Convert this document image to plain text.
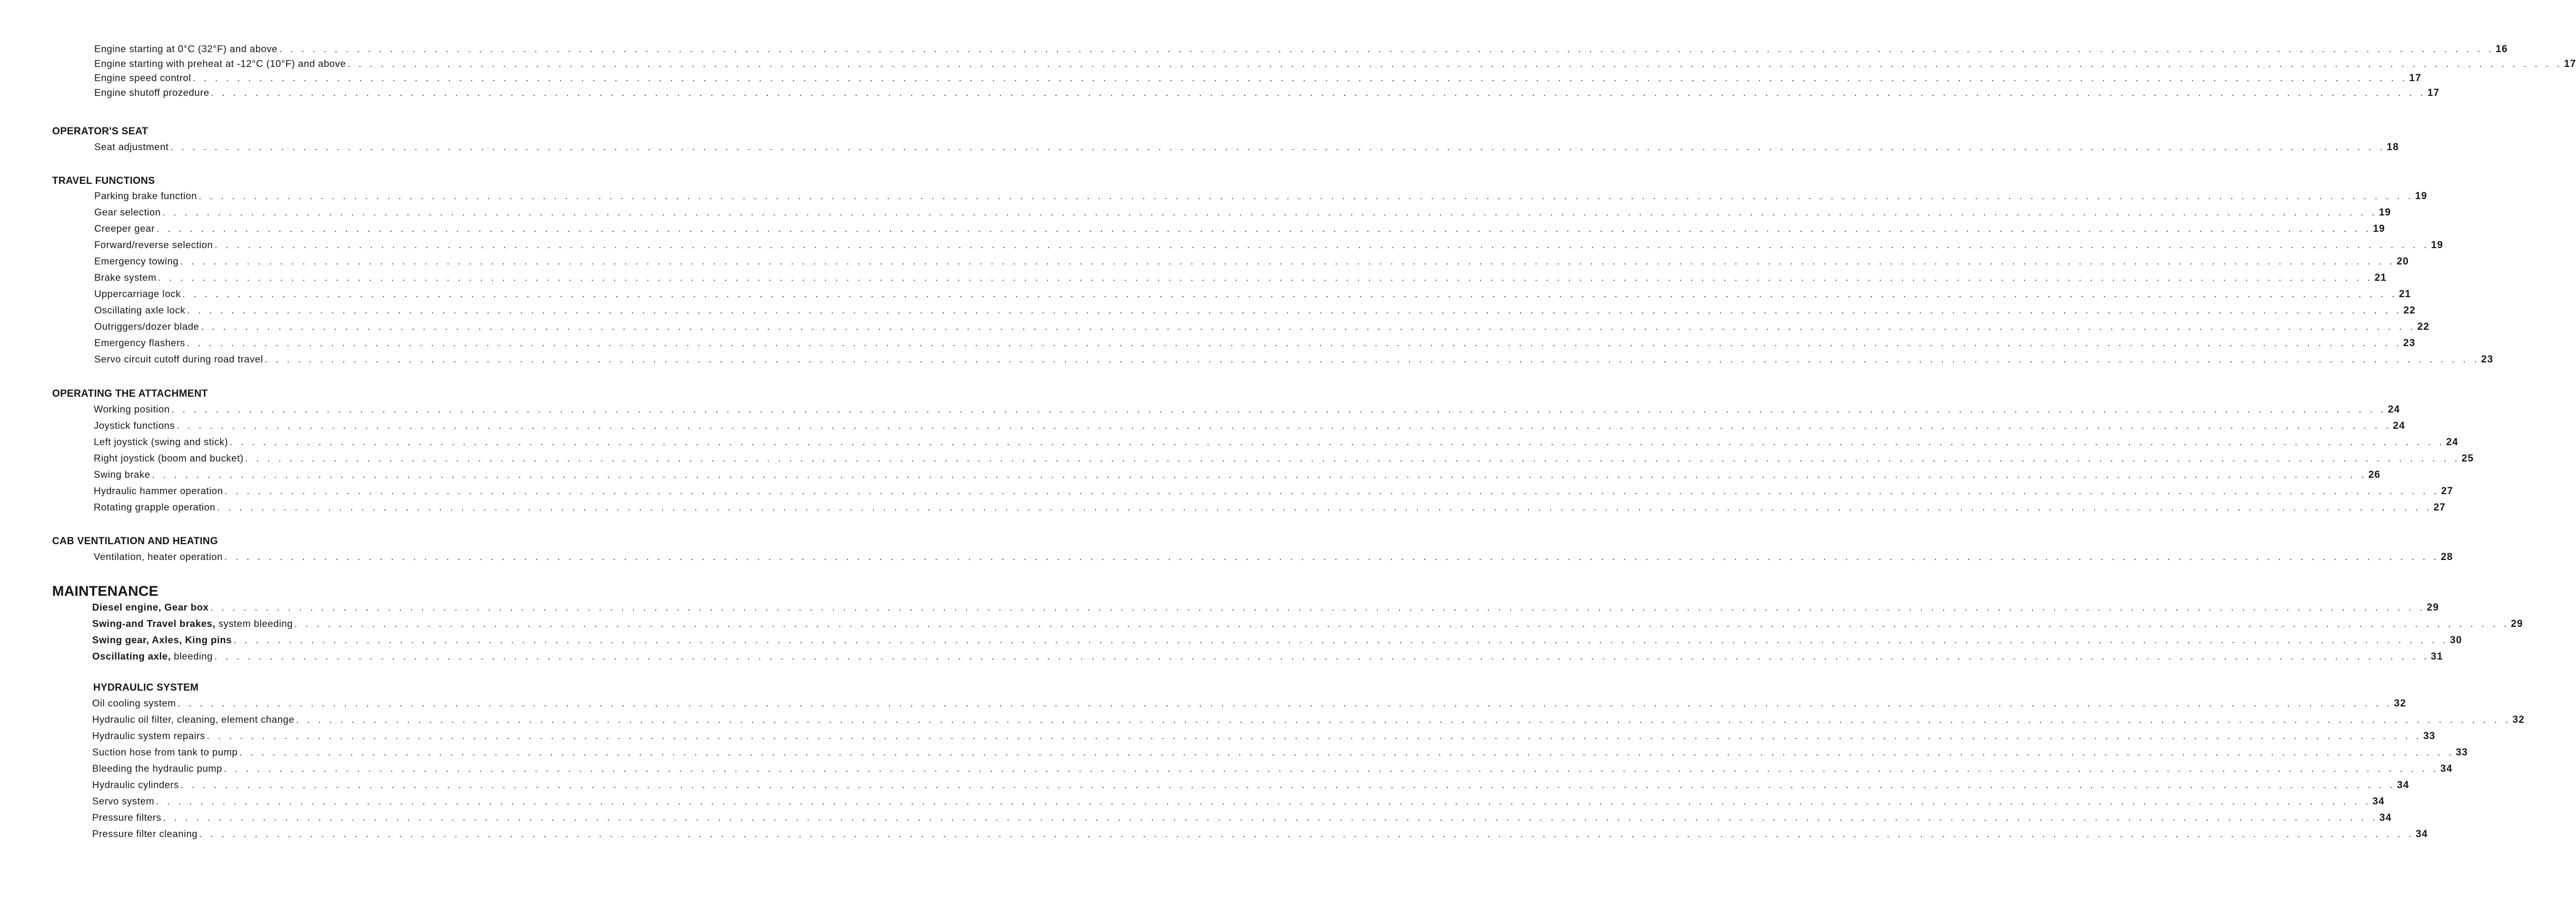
Engine starting at 0°C (32°F) and above . . . . . . . . . . . . . . . . . . . . . . . . . . . . . . . . . . . . . . . . . . . . . . . . . . . . . . . . . . . . . . . . . . . . . . . . . . . . . . . . . . . . . . . . . . . . . . . . . . . . . . . . . . . . . . . . . . . . . . . . . . . . . . . . . . . . . . . . . . . . . . . . . . . . . . . . . . . . . . . . . . . . . . . . . . . . . . . . . . . . . . . . . . . . . . . . . . . . . . . . 16
Engine starting with preheat at -12°C (10°F) and above . . . . . . . . . . . . . . . . . . . . . . . . . . . . . . . . . . . . . . . . . . . . . . . . . . . . . . . . . . . . . . . . . . . . . . . . . . . . . . . . . . . . . . . . . . . . . . . . . . . . . . . . . . . . . . . . . . . . . . . . . . . . . . . . . . . . . . . . . . . . . . . . . . . . . . . . . . . . . . . . . . . . . . . . . . . . . . . . . . . . . . . . . . . . . . . . . . . . . . . . 17
Engine speed control . . . . . . . . . . . . . . . . . . . . . . . . . . . . . . . . . . . . . . . . . . . . . . . . . . . . . . . . . . . . . . . . . . . . . . . . . . . . . . . . . . . . . . . . . . . . . . . . . . . . . . . . . . . . . . . . . . . . . . . . . . . . . . . . . . . . . . . . . . . . . . . . . . . . . . . . . . . . . . . . . . . . . . . . . . . . . . . . . . . . . . . . . . . . . . . . . . . . . . . . 17
Engine shutoff prozedure . . . . . . . . . . . . . . . . . . . . . . . . . . . . . . . . . . . . . . . . . . . . . . . . . . . . . . . . . . . . . . . . . . . . . . . . . . . . . . . . . . . . . . . . . . . . . . . . . . . . . . . . . . . . . . . . . . . . . . . . . . . . . . . . . . . . . . . . . . . . . . . . . . . . . . . . . . . . . . . . . . . . . . . . . . . . . . . . . . . . . . . . . . . . . . . . . . . . . . . . 17
OPERATOR'S SEAT
Seat adjustment . . . . . . . . . . . . . . . . . . . . . . . . . . . . . . . . . . . . . . . . . . . . . . . . . . . . . . . . . . . . . . . . . . . . . . . . . . . . . . . . . . . . . . . . . . . . . . . . . . . . . . . . . . . . . . . . . . . . . . . . . . . . . . . . . . . . . . . . . . . . . . . . . . . . . . . . . . . . . . . . . . . . . . . . . . . . . . . . . . . . . . . . . . . . . . . . . . . . . . . . 18
TRAVEL FUNCTIONS
Parking brake function . . . . . . . . . . . . . . . . . . . . . . . . . . . . . . . . . . . . . . . . . . . . . . . . . . . . . . . . . . . . . . . . . . . . . . . . . . . . . . . . . . . . . . . . . . . . . . . . . . . . . . . . . . . . . . . . . . . . . . . . . . . . . . . . . . . . . . . . . . . . . . . . . . . . . . . . . . . . . . . . . . . . . . . . . . . . . . . . . . . . . . . . . . . . . . . . . . . . . . . . 19
Gear selection . . . . . . . . . . . . . . . . . . . . . . . . . . . . . . . . . . . . . . . . . . . . . . . . . . . . . . . . . . . . . . . . . . . . . . . . . . . . . . . . . . . . . . . . . . . . . . . . . . . . . . . . . . . . . . . . . . . . . . . . . . . . . . . . . . . . . . . . . . . . . . . . . . . . . . . . . . . . . . . . . . . . . . . . . . . . . . . . . . . . . . . . . . . . . . . . . . . . . . . . 19
Creeper gear . . . . . . . . . . . . . . . . . . . . . . . . . . . . . . . . . . . . . . . . . . . . . . . . . . . . . . . . . . . . . . . . . . . . . . . . . . . . . . . . . . . . . . . . . . . . . . . . . . . . . . . . . . . . . . . . . . . . . . . . . . . . . . . . . . . . . . . . . . . . . . . . . . . . . . . . . . . . . . . . . . . . . . . . . . . . . . . . . . . . . . . . . . . . . . . . . . . . . . . . 19
Forward/reverse selection . . . . . . . . . . . . . . . . . . . . . . . . . . . . . . . . . . . . . . . . . . . . . . . . . . . . . . . . . . . . . . . . . . . . . . . . . . . . . . . . . . . . . . . . . . . . . . . . . . . . . . . . . . . . . . . . . . . . . . . . . . . . . . . . . . . . . . . . . . . . . . . . . . . . . . . . . . . . . . . . . . . . . . . . . . . . . . . . . . . . . . . . . . . . . . . . . . . . . . . . 19
Emergency towing . . . . . . . . . . . . . . . . . . . . . . . . . . . . . . . . . . . . . . . . . . . . . . . . . . . . . . . . . . . . . . . . . . . . . . . . . . . . . . . . . . . . . . . . . . . . . . . . . . . . . . . . . . . . . . . . . . . . . . . . . . . . . . . . . . . . . . . . . . . . . . . . . . . . . . . . . . . . . . . . . . . . . . . . . . . . . . . . . . . . . . . . . . . . . . . . . . . . . . . . 20
Brake system . . . . . . . . . . . . . . . . . . . . . . . . . . . . . . . . . . . . . . . . . . . . . . . . . . . . . . . . . . . . . . . . . . . . . . . . . . . . . . . . . . . . . . . . . . . . . . . . . . . . . . . . . . . . . . . . . . . . . . . . . . . . . . . . . . . . . . . . . . . . . . . . . . . . . . . . . . . . . . . . . . . . . . . . . . . . . . . . . . . . . . . . . . . . . . . . . . . . . . . . 21
Uppercarriage lock . . . . . . . . . . . . . . . . . . . . . . . . . . . . . . . . . . . . . . . . . . . . . . . . . . . . . . . . . . . . . . . . . . . . . . . . . . . . . . . . . . . . . . . . . . . . . . . . . . . . . . . . . . . . . . . . . . . . . . . . . . . . . . . . . . . . . . . . . . . . . . . . . . . . . . . . . . . . . . . . . . . . . . . . . . . . . . . . . . . . . . . . . . . . . . . . . . . . . . . . 21
Oscillating axle lock . . . . . . . . . . . . . . . . . . . . . . . . . . . . . . . . . . . . . . . . . . . . . . . . . . . . . . . . . . . . . . . . . . . . . . . . . . . . . . . . . . . . . . . . . . . . . . . . . . . . . . . . . . . . . . . . . . . . . . . . . . . . . . . . . . . . . . . . . . . . . . . . . . . . . . . . . . . . . . . . . . . . . . . . . . . . . . . . . . . . . . . . . . . . . . . . . . . . . . . . 22
Outriggers/dozer blade . . . . . . . . . . . . . . . . . . . . . . . . . . . . . . . . . . . . . . . . . . . . . . . . . . . . . . . . . . . . . . . . . . . . . . . . . . . . . . . . . . . . . . . . . . . . . . . . . . . . . . . . . . . . . . . . . . . . . . . . . . . . . . . . . . . . . . . . . . . . . . . . . . . . . . . . . . . . . . . . . . . . . . . . . . . . . . . . . . . . . . . . . . . . . . . . . . . . . . . . 22
Emergency flashers . . . . . . . . . . . . . . . . . . . . . . . . . . . . . . . . . . . . . . . . . . . . . . . . . . . . . . . . . . . . . . . . . . . . . . . . . . . . . . . . . . . . . . . . . . . . . . . . . . . . . . . . . . . . . . . . . . . . . . . . . . . . . . . . . . . . . . . . . . . . . . . . . . . . . . . . . . . . . . . . . . . . . . . . . . . . . . . . . . . . . . . . . . . . . . . . . . . . . . . . 23
Servo circuit cutoff during road travel . . . . . . . . . . . . . . . . . . . . . . . . . . . . . . . . . . . . . . . . . . . . . . . . . . . . . . . . . . . . . . . . . . . . . . . . . . . . . . . . . . . . . . . . . . . . . . . . . . . . . . . . . . . . . . . . . . . . . . . . . . . . . . . . . . . . . . . . . . . . . . . . . . . . . . . . . . . . . . . . . . . . . . . . . . . . . . . . . . . . . . . . . . . . . . . . . . . . . . . . 23
OPERATING THE ATTACHMENT
Working position . . . . . . . . . . . . . . . . . . . . . . . . . . . . . . . . . . . . . . . . . . . . . . . . . . . . . . . . . . . . . . . . . . . . . . . . . . . . . . . . . . . . . . . . . . . . . . . . . . . . . . . . . . . . . . . . . . . . . . . . . . . . . . . . . . . . . . . . . . . . . . . . . . . . . . . . . . . . . . . . . . . . . . . . . . . . . . . . . . . . . . . . . . . . . . . . . . . . . . . . 24
Joystick functions . . . . . . . . . . . . . . . . . . . . . . . . . . . . . . . . . . . . . . . . . . . . . . . . . . . . . . . . . . . . . . . . . . . . . . . . . . . . . . . . . . . . . . . . . . . . . . . . . . . . . . . . . . . . . . . . . . . . . . . . . . . . . . . . . . . . . . . . . . . . . . . . . . . . . . . . . . . . . . . . . . . . . . . . . . . . . . . . . . . . . . . . . . . . . . . . . . . . . . . . 24
Left joystick (swing and stick) . . . . . . . . . . . . . . . . . . . . . . . . . . . . . . . . . . . . . . . . . . . . . . . . . . . . . . . . . . . . . . . . . . . . . . . . . . . . . . . . . . . . . . . . . . . . . . . . . . . . . . . . . . . . . . . . . . . . . . . . . . . . . . . . . . . . . . . . . . . . . . . . . . . . . . . . . . . . . . . . . . . . . . . . . . . . . . . . . . . . . . . . . . . . . . . . . . . . . . . . 24
Right joystick (boom and bucket) . . . . . . . . . . . . . . . . . . . . . . . . . . . . . . . . . . . . . . . . . . . . . . . . . . . . . . . . . . . . . . . . . . . . . . . . . . . . . . . . . . . . . . . . . . . . . . . . . . . . . . . . . . . . . . . . . . . . . . . . . . . . . . . . . . . . . . . . . . . . . . . . . . . . . . . . . . . . . . . . . . . . . . . . . . . . . . . . . . . . . . . . . . . . . . . . . . . . . . . . 25
Swing brake . . . . . . . . . . . . . . . . . . . . . . . . . . . . . . . . . . . . . . . . . . . . . . . . . . . . . . . . . . . . . . . . . . . . . . . . . . . . . . . . . . . . . . . . . . . . . . . . . . . . . . . . . . . . . . . . . . . . . . . . . . . . . . . . . . . . . . . . . . . . . . . . . . . . . . . . . . . . . . . . . . . . . . . . . . . . . . . . . . . . . . . . . . . . . . . . . . . . . . . . 26
Hydraulic hammer operation . . . . . . . . . . . . . . . . . . . . . . . . . . . . . . . . . . . . . . . . . . . . . . . . . . . . . . . . . . . . . . . . . . . . . . . . . . . . . . . . . . . . . . . . . . . . . . . . . . . . . . . . . . . . . . . . . . . . . . . . . . . . . . . . . . . . . . . . . . . . . . . . . . . . . . . . . . . . . . . . . . . . . . . . . . . . . . . . . . . . . . . . . . . . . . . . . . . . . . . . 27
Rotating grapple operation . . . . . . . . . . . . . . . . . . . . . . . . . . . . . . . . . . . . . . . . . . . . . . . . . . . . . . . . . . . . . . . . . . . . . . . . . . . . . . . . . . . . . . . . . . . . . . . . . . . . . . . . . . . . . . . . . . . . . . . . . . . . . . . . . . . . . . . . . . . . . . . . . . . . . . . . . . . . . . . . . . . . . . . . . . . . . . . . . . . . . . . . . . . . . . . . . . . . . . . . 27
CAB VENTILATION AND HEATING
Ventilation, heater operation . . . . . . . . . . . . . . . . . . . . . . . . . . . . . . . . . . . . . . . . . . . . . . . . . . . . . . . . . . . . . . . . . . . . . . . . . . . . . . . . . . . . . . . . . . . . . . . . . . . . . . . . . . . . . . . . . . . . . . . . . . . . . . . . . . . . . . . . . . . . . . . . . . . . . . . . . . . . . . . . . . . . . . . . . . . . . . . . . . . . . . . . . . . . . . . . . . . . . . . . 28
MAINTENANCE
Diesel engine, Gear box . . . . . . . . . . . . . . . . . . . . . . . . . . . . . . . . . . . . . . . . . . . . . . . . . . . . . . . . . . . . . . . . . . . . . . . . . . . . . . . . . . . . . . . . . . . . . . . . . . . . . . . . . . . . . . . . . . . . . . . . . . . . . . . . . . . . . . . . . . . . . . . . . . . . . . . . . . . . . . . . . . . . . . . . . . . . . . . . . . . . . . . . . . . . . . . . . . . . . . . . 29
Swing-and Travel brakes, system bleeding . . . . . . . . . . . . . . . . . . . . . . . . . . . . . . . . . . . . . . . . . . . . . . . . . . . . . . . . . . . . . . . . . . . . . . . . . . . . . . . . . . . . . . . . . . . . . . . . . . . . . . . . . . . . . . . . . . . . . . . . . . . . . . . . . . . . . . . . . . . . . . . . . . . . . . . . . . . . . . . . . . . . . . . . . . . . . . . . . . . . . . . . . . . . . . . . . . . . . . . . 29
Swing gear, Axles, King pins . . . . . . . . . . . . . . . . . . . . . . . . . . . . . . . . . . . . . . . . . . . . . . . . . . . . . . . . . . . . . . . . . . . . . . . . . . . . . . . . . . . . . . . . . . . . . . . . . . . . . . . . . . . . . . . . . . . . . . . . . . . . . . . . . . . . . . . . . . . . . . . . . . . . . . . . . . . . . . . . . . . . . . . . . . . . . . . . . . . . . . . . . . . . . . . . . . . . . . . . 30
Oscillating axle, bleeding . . . . . . . . . . . . . . . . . . . . . . . . . . . . . . . . . . . . . . . . . . . . . . . . . . . . . . . . . . . . . . . . . . . . . . . . . . . . . . . . . . . . . . . . . . . . . . . . . . . . . . . . . . . . . . . . . . . . . . . . . . . . . . . . . . . . . . . . . . . . . . . . . . . . . . . . . . . . . . . . . . . . . . . . . . . . . . . . . . . . . . . . . . . . . . . . . . . . . . . . 31
HYDRAULIC SYSTEM
Oil cooling system . . . . . . . . . . . . . . . . . . . . . . . . . . . . . . . . . . . . . . . . . . . . . . . . . . . . . . . . . . . . . . . . . . . . . . . . . . . . . . . . . . . . . . . . . . . . . . . . . . . . . . . . . . . . . . . . . . . . . . . . . . . . . . . . . . . . . . . . . . . . . . . . . . . . . . . . . . . . . . . . . . . . . . . . . . . . . . . . . . . . . . . . . . . . . . . . . . . . . . . . 32
Hydraulic oil filter, cleaning, element change . . . . . . . . . . . . . . . . . . . . . . . . . . . . . . . . . . . . . . . . . . . . . . . . . . . . . . . . . . . . . . . . . . . . . . . . . . . . . . . . . . . . . . . . . . . . . . . . . . . . . . . . . . . . . . . . . . . . . . . . . . . . . . . . . . . . . . . . . . . . . . . . . . . . . . . . . . . . . . . . . . . . . . . . . . . . . . . . . . . . . . . . . . . . . . . . . . . . . . . . 32
Hydraulic system repairs . . . . . . . . . . . . . . . . . . . . . . . . . . . . . . . . . . . . . . . . . . . . . . . . . . . . . . . . . . . . . . . . . . . . . . . . . . . . . . . . . . . . . . . . . . . . . . . . . . . . . . . . . . . . . . . . . . . . . . . . . . . . . . . . . . . . . . . . . . . . . . . . . . . . . . . . . . . . . . . . . . . . . . . . . . . . . . . . . . . . . . . . . . . . . . . . . . . . . . . . 33
Suction hose from tank to pump . . . . . . . . . . . . . . . . . . . . . . . . . . . . . . . . . . . . . . . . . . . . . . . . . . . . . . . . . . . . . . . . . . . . . . . . . . . . . . . . . . . . . . . . . . . . . . . . . . . . . . . . . . . . . . . . . . . . . . . . . . . . . . . . . . . . . . . . . . . . . . . . . . . . . . . . . . . . . . . . . . . . . . . . . . . . . . . . . . . . . . . . . . . . . . . . . . . . . . . . 33
Bleeding the hydraulic pump . . . . . . . . . . . . . . . . . . . . . . . . . . . . . . . . . . . . . . . . . . . . . . . . . . . . . . . . . . . . . . . . . . . . . . . . . . . . . . . . . . . . . . . . . . . . . . . . . . . . . . . . . . . . . . . . . . . . . . . . . . . . . . . . . . . . . . . . . . . . . . . . . . . . . . . . . . . . . . . . . . . . . . . . . . . . . . . . . . . . . . . . . . . . . . . . . . . . . . . . 34
Hydraulic cylinders . . . . . . . . . . . . . . . . . . . . . . . . . . . . . . . . . . . . . . . . . . . . . . . . . . . . . . . . . . . . . . . . . . . . . . . . . . . . . . . . . . . . . . . . . . . . . . . . . . . . . . . . . . . . . . . . . . . . . . . . . . . . . . . . . . . . . . . . . . . . . . . . . . . . . . . . . . . . . . . . . . . . . . . . . . . . . . . . . . . . . . . . . . . . . . . . . . . . . . . . 34
Servo system . . . . . . . . . . . . . . . . . . . . . . . . . . . . . . . . . . . . . . . . . . . . . . . . . . . . . . . . . . . . . . . . . . . . . . . . . . . . . . . . . . . . . . . . . . . . . . . . . . . . . . . . . . . . . . . . . . . . . . . . . . . . . . . . . . . . . . . . . . . . . . . . . . . . . . . . . . . . . . . . . . . . . . . . . . . . . . . . . . . . . . . . . . . . . . . . . . . . . . . . 34
Pressure filters . . . . . . . . . . . . . . . . . . . . . . . . . . . . . . . . . . . . . . . . . . . . . . . . . . . . . . . . . . . . . . . . . . . . . . . . . . . . . . . . . . . . . . . . . . . . . . . . . . . . . . . . . . . . . . . . . . . . . . . . . . . . . . . . . . . . . . . . . . . . . . . . . . . . . . . . . . . . . . . . . . . . . . . . . . . . . . . . . . . . . . . . . . . . . . . . . . . . . . . . 34
Pressure filter cleaning . . . . . . . . . . . . . . . . . . . . . . . . . . . . . . . . . . . . . . . . . . . . . . . . . . . . . . . . . . . . . . . . . . . . . . . . . . . . . . . . . . . . . . . . . . . . . . . . . . . . . . . . . . . . . . . . . . . . . . . . . . . . . . . . . . . . . . . . . . . . . . . . . . . . . . . . . . . . . . . . . . . . . . . . . . . . . . . . . . . . . . . . . . . . . . . . . . . . . . . . 34
